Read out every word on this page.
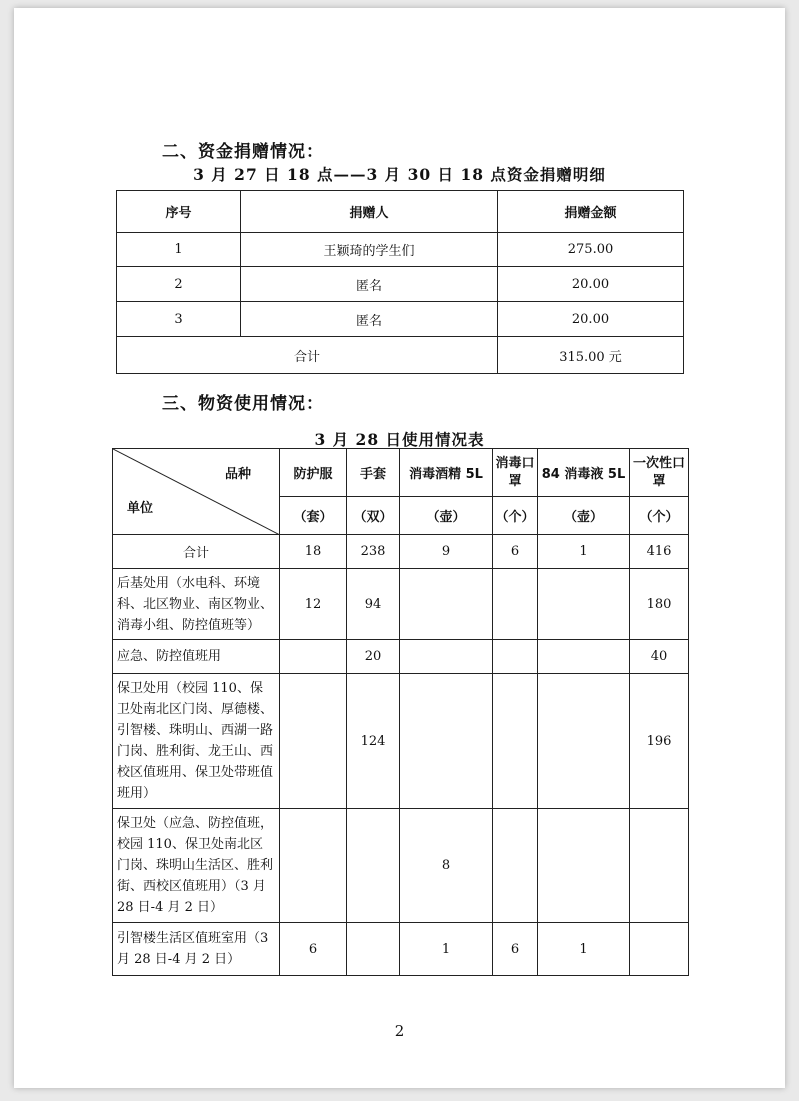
二、资金捐赠情况：
3 月 27 日 18 点——3 月 30 日 18 点资金捐赠明细
序号	捐赠人	捐赠金额
1	王颖琦的学生们	275.00
2	匿名	20.00
3	匿名	20.00
合计		315.00 元
三、物资使用情况：
3 月 28 日使用情况表
品种
单位	防护服	手套	消毒酒精 5L	消毒口罩	84 消毒液 5L	一次性口罩
	（套）	（双）	（壶）	（个）	（壶）	（个）
合计	18	238	9	6	1	416
后基处用（水电科、环境科、北区物业、南区物业、消毒小组、防控值班等）	12	94				180
应急、防控值班用		20				40
保卫处用（校园 110、保卫处南北区门岗、厚德楼、引智楼、珠明山、西湖一路门岗、胜利街、龙王山、西校区值班用、保卫处带班值班用）		124				196
保卫处（应急、防控值班，校园 110、保卫处南北区门岗、珠明山生活区、胜利街、西校区值班用）（3 月 28 日-4 月 2 日）			8			
引智楼生活区值班室用（3 月 28 日-4 月 2 日）	6		1	6	1	
2
